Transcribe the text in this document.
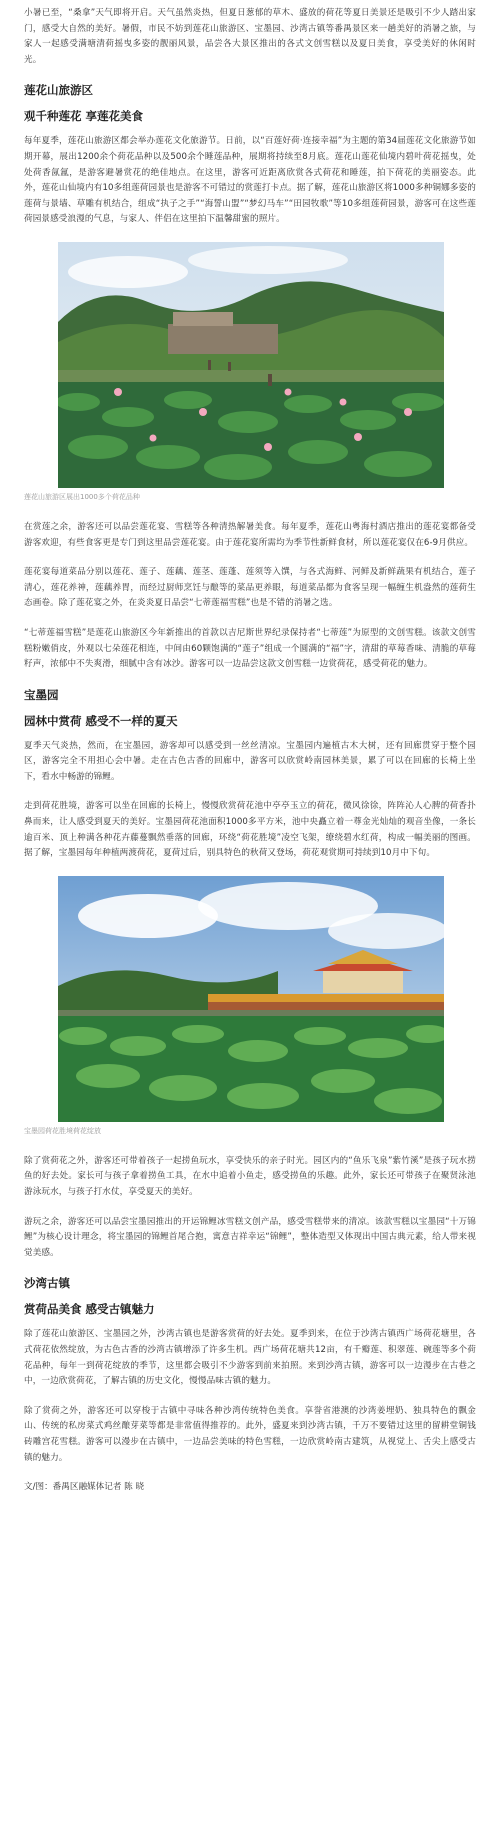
小暑已至，“桑拿”天气即将开启。天气虽然炎热，但夏日葱郁的草木、盛放的荷花等夏日美景还是吸引不少人踏出家门，感受大自然的美好。暑假，市民不妨到莲花山旅游区、宝墨园、沙湾古镇等番禺景区来一趟美好的消暑之旅，与家人一起感受满塘清荷摇曳多姿的靓丽风景，品尝各大景区推出的各式文创雪糕以及夏日美食，享受美好的休闲时光。

莲花山旅游区
观千种莲花 享莲花美食

每年夏季，莲花山旅游区都会举办莲花文化旅游节。日前，以“百莲好荷·连接幸福”为主题的第34届莲花文化旅游节如期开幕，展出1200余个荷花品种以及500余个睡莲品种，展期将持续至8月底。莲花山莲花仙境内碧叶荷花摇曳，处处荷香氤氲，是游客避暑赏花的绝佳地点。在这里，游客可近距离欣赏各式荷花和睡莲，拍下荷花的美丽姿态。此外，莲花山仙境内有10多组莲荷园景也是游客不可错过的赏莲打卡点。据了解，莲花山旅游区将1000多种铜娜多姿的莲荷与景墙、草雕有机结合，组成“执子之手”“海誓山盟”“梦幻马车”“田园牧歌”等10多组莲荷园景，游客可在这些莲荷园景感受浪漫的气息，与家人、伴侣在这里拍下温馨甜蜜的照片。

莲花山旅游区展出1000多个荷花品种

在赏莲之余，游客还可以品尝莲花宴、雪糕等各种清热解暑美食。每年夏季，莲花山粤海村酒店推出的莲花宴都备受游客欢迎，有些食客更是专门到这里品尝莲花宴。由于莲花宴所需均为季节性新鲜食材，所以莲花宴仅在6-9月供应。

莲花宴每道菜品分别以莲花、莲子、莲藕、莲茎、莲蓬、莲须等入馔，与各式海鲜、河鲜及新鲜蔬果有机结合，莲子清心，莲花养神，莲藕养胃，而经过厨师烹饪与酿等的菜品更养眼，每道菜品都为食客呈现一幅缠生机盎然的莲荷生态画卷。除了莲花宴之外，在炎炎夏日品尝“七蒂莲福雪糕”也是不错的消暑之选。

“七蒂莲福雪糕”是莲花山旅游区今年新推出的首款以吉尼斯世界纪录保持者“七蒂莲”为原型的文创雪糕。该款文创雪糕粉嫩俏皮，外观以七朵莲花相连，中间由60颗饱满的“莲子”组成一个圆满的“福”字，清甜的草莓香味、清脆的草莓籽声，浓郁中不失爽滑，细腻中含有冰沙。游客可以一边品尝这款文创雪糕一边赏荷花，感受荷花的魅力。

宝墨园
园林中赏荷 感受不一样的夏天

夏季天气炎热，然而，在宝墨园，游客却可以感受到一丝丝清凉。宝墨园内遍植古木大树，还有回廊贯穿于整个园区，游客完全不用担心会中暑。走在古色古香的回廊中，游客可以欣赏岭南园林美景，累了可以在回廊的长椅上坐下，看水中畅游的锦鲤。

走到荷花胜境，游客可以坐在回廊的长椅上，慢慢欣赏荷花池中亭亭玉立的荷花，微风徐徐，阵阵沁人心脾的荷香扑鼻而来，让人感受到夏天的美好。宝墨园荷花池面积1000多平方米，池中央矗立着一尊金光灿灿的观音坐像，一条长逾百米、顶上种满各种花卉藤蔓飘然垂落的回廊，环绕“荷花胜境”凌空飞架，缭绕碧水红荷，构成一幅美丽的图画。据了解，宝墨园每年种植两渡荷花，夏荷过后，别具特色的秋荷又登场，荷花观赏期可持续到10月中下旬。

宝墨园荷花胜境荷花绽放

除了赏荷花之外，游客还可带着孩子一起捞鱼玩水，享受快乐的亲子时光。园区内的“鱼乐飞泉”紫竹溪”是孩子玩水捞鱼的好去处。家长可与孩子拿着捞鱼工具，在水中追着小鱼走，感受捞鱼的乐趣。此外，家长还可带孩子在聚贤泳池游泳玩水，与孩子打水仗，享受夏天的美好。

游玩之余，游客还可以品尝宝墨园推出的开运锦鲤冰雪糕文创产品，感受雪糕带来的清凉。该款雪糕以宝墨园“十万锦鲤”为核心设计理念，将宝墨园的锦鲤首尾合抱，寓意吉祥幸运“锦鲤”，整体造型又体现出中国古典元素，给人带来视觉美感。

沙湾古镇
赏荷品美食 感受古镇魅力

除了莲花山旅游区、宝墨园之外，沙湾古镇也是游客赏荷的好去处。夏季到来，在位于沙湾古镇西广场荷花塘里，各式荷花依然绽放，为古色古香的沙湾古镇增添了许多生机。西广场荷花塘共12亩，有千瓣莲、积翠莲、碗莲等多个荷花品种，每年一到荷花绽放的季节，这里都会吸引不少游客到前来拍照。来到沙湾古镇，游客可以一边漫步在古巷之中，一边欣赏荷花，了解古镇的历史文化，慢慢品味古镇的魅力。

除了赏荷之外，游客还可以穿梭于古镇中寻味各种沙湾传统特色美食。享誉省港澳的沙湾姜埋奶、独具特色的飘金山、传统的私房菜式鸡丝酿芽菜等都是非常值得推荐的。此外，盛夏来到沙湾古镇，千万不要错过这里的留耕堂铜钱砖雕宫花雪糕。游客可以漫步在古镇中，一边品尝美味的特色雪糕，一边欣赏岭南古建筑，从视觉上、舌尖上感受古镇的魅力。

文/图：番禺区融媒体记者 陈 晓
